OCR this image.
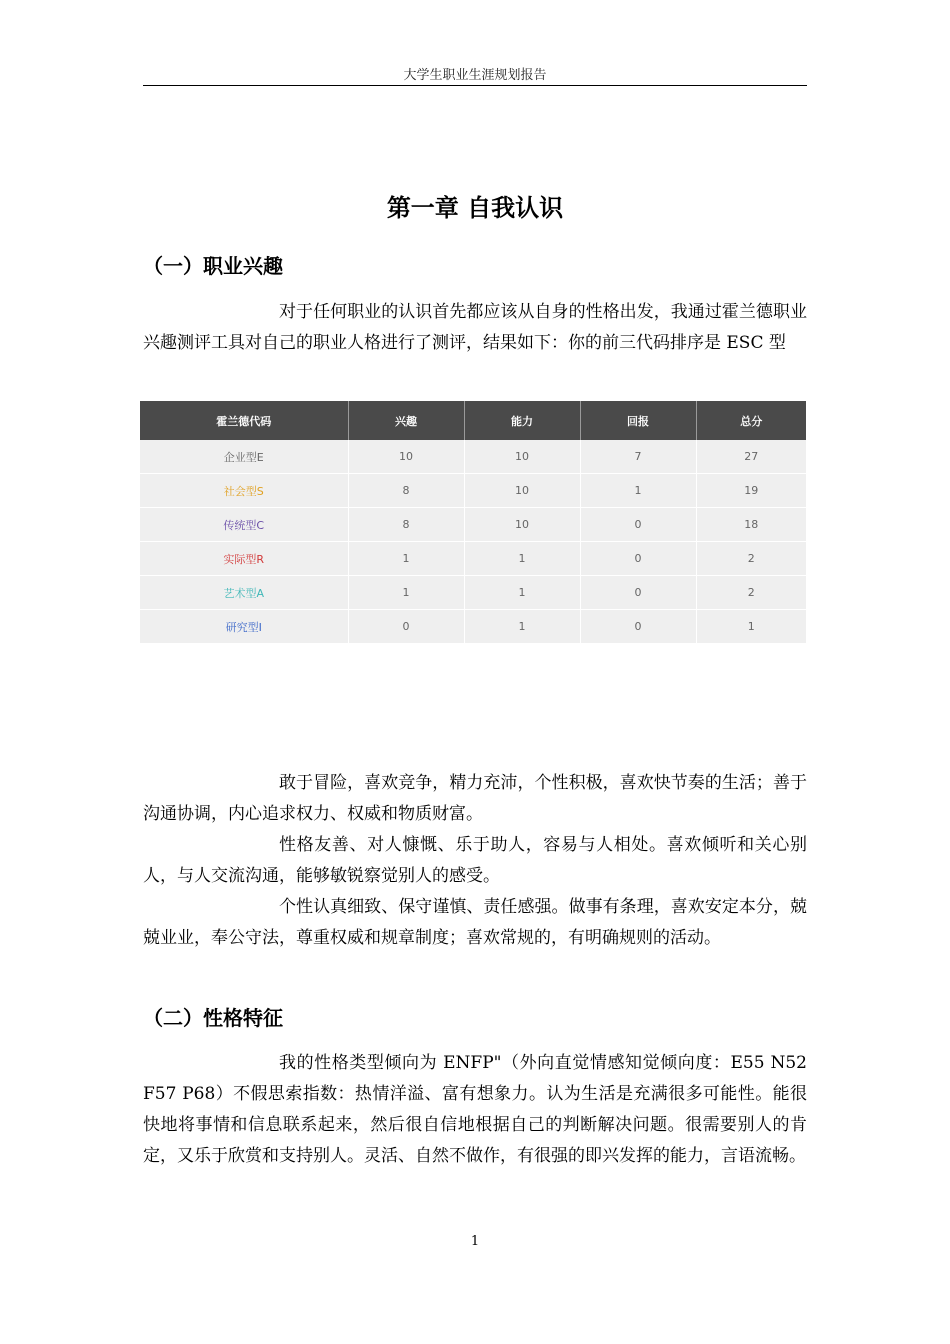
大学生职业生涯规划报告
第一章 自我认识
（一）职业兴趣
对于任何职业的认识首先都应该从自身的性格出发，我通过霍兰德职业兴趣测评工具对自己的职业人格进行了测评，结果如下：你的前三代码排序是 ESC 型
霍兰德代码	兴趣	能力	回报	总分
企业型E	10	10	7	27
社会型S	8	10	1	19
传统型C	8	10	0	18
实际型R	1	1	0	2
艺术型A	1	1	0	2
研究型I	0	1	0	1
敢于冒险，喜欢竞争，精力充沛，个性积极，喜欢快节奏的生活；善于沟通协调，内心追求权力、权威和物质财富。
性格友善、对人慷慨、乐于助人，容易与人相处。喜欢倾听和关心别人，与人交流沟通，能够敏锐察觉别人的感受。
个性认真细致、保守谨慎、责任感强。做事有条理，喜欢安定本分，兢兢业业，奉公守法，尊重权威和规章制度；喜欢常规的，有明确规则的活动。
（二）性格特征
我的性格类型倾向为 ENFP"（外向直觉情感知觉倾向度：E55 N52 F57 P68）不假思索指数：热情洋溢、富有想象力。认为生活是充满很多可能性。能很快地将事情和信息联系起来，然后很自信地根据自己的判断解决问题。很需要别人的肯定，又乐于欣赏和支持别人。灵活、自然不做作，有很强的即兴发挥的能力，言语流畅。
1
